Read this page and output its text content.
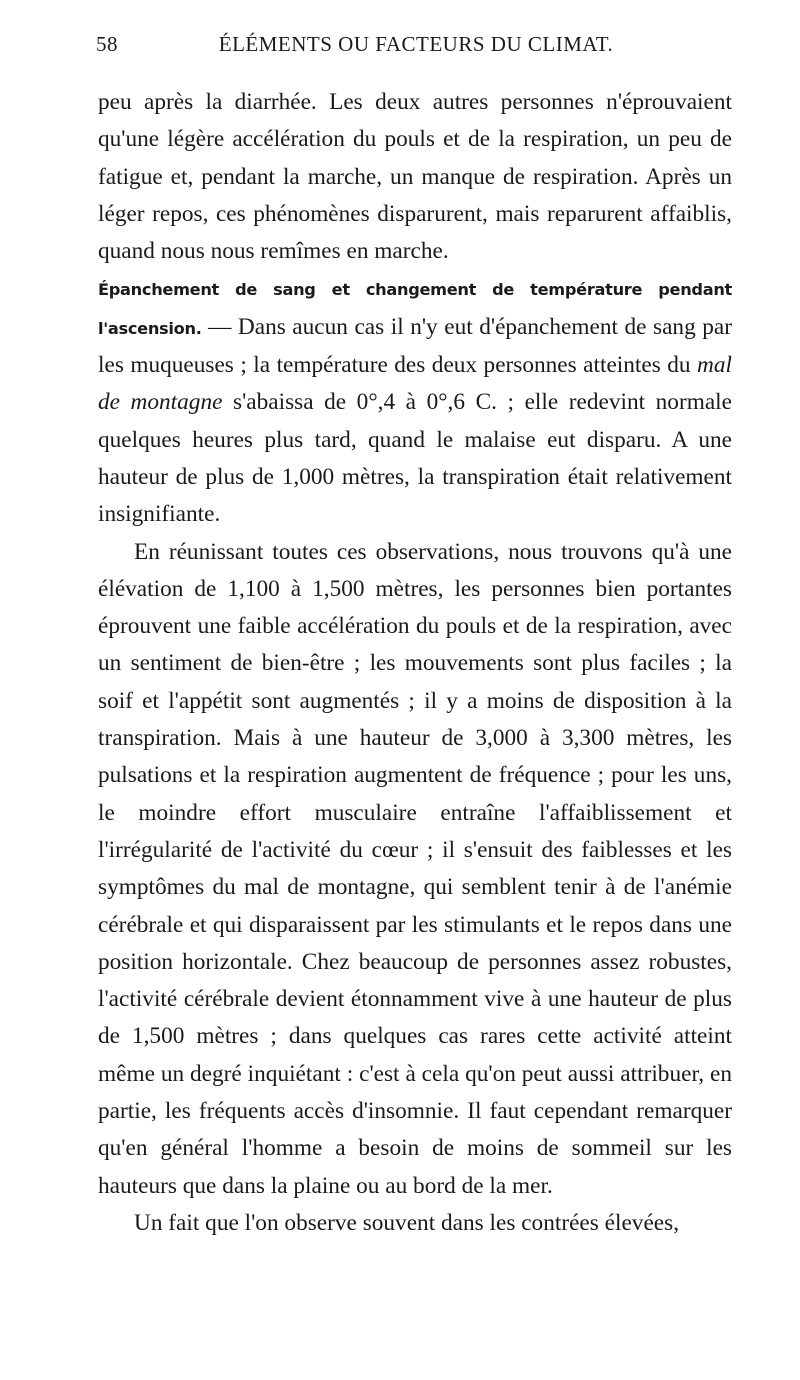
58	ÉLÉMENTS OU FACTEURS DU CLIMAT.

peu après la diarrhée. Les deux autres personnes n'éprouvaient qu'une légère accélération du pouls et de la respiration, un peu de fatigue et, pendant la marche, un manque de respiration. Après un léger repos, ces phénomènes disparurent, mais reparurent affaiblis, quand nous nous remîmes en marche.

Épanchement de sang et changement de température pendant l'ascension. — Dans aucun cas il n'y eut d'épanchement de sang par les muqueuses ; la température des deux personnes atteintes du mal de montagne s'abaissa de 0°,4 à 0°,6 C. ; elle redevint normale quelques heures plus tard, quand le malaise eut disparu. A une hauteur de plus de 1,000 mètres, la transpiration était relativement insignifiante.

En réunissant toutes ces observations, nous trouvons qu'à une élévation de 1,100 à 1,500 mètres, les personnes bien portantes éprouvent une faible accélération du pouls et de la respiration, avec un sentiment de bien-être ; les mouvements sont plus faciles ; la soif et l'appétit sont augmentés ; il y a moins de disposition à la transpiration. Mais à une hauteur de 3,000 à 3,300 mètres, les pulsations et la respiration augmentent de fréquence ; pour les uns, le moindre effort musculaire entraîne l'affaiblissement et l'irrégularité de l'activité du cœur ; il s'ensuit des faiblesses et les symptômes du mal de montagne, qui semblent tenir à de l'anémie cérébrale et qui disparaissent par les stimulants et le repos dans une position horizontale. Chez beaucoup de personnes assez robustes, l'activité cérébrale devient étonnamment vive à une hauteur de plus de 1,500 mètres ; dans quelques cas rares cette activité atteint même un degré inquiétant : c'est à cela qu'on peut aussi attribuer, en partie, les fréquents accès d'insomnie. Il faut cependant remarquer qu'en général l'homme a besoin de moins de sommeil sur les hauteurs que dans la plaine ou au bord de la mer.

Un fait que l'on observe souvent dans les contrées élevées,
